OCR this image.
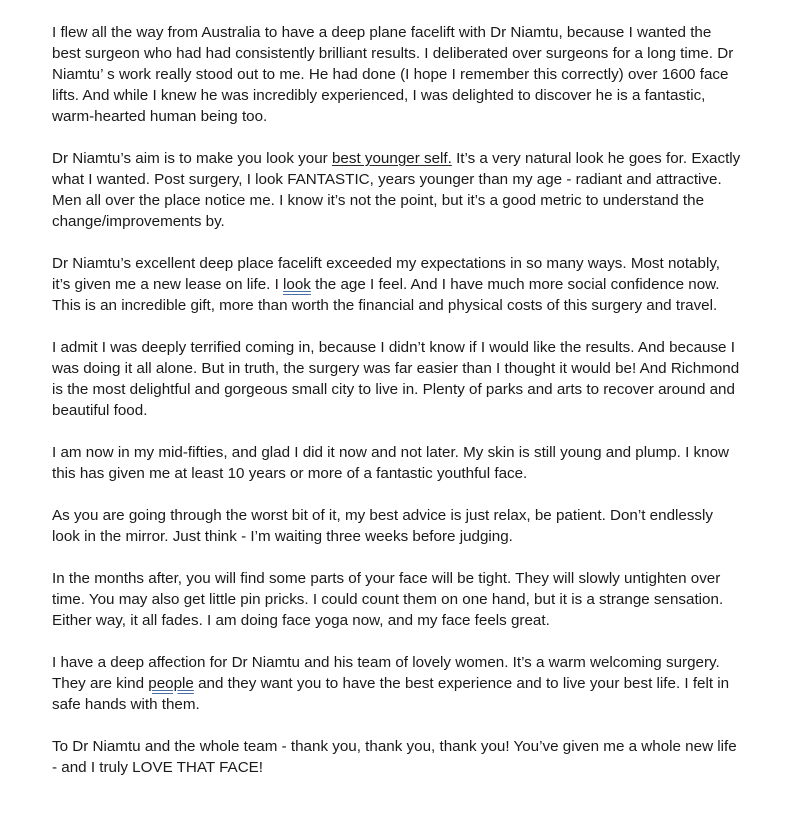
I flew all the way from Australia to have a deep plane facelift with Dr Niamtu, because I wanted the best surgeon who had had consistently brilliant results. I deliberated over surgeons for a long time. Dr Niamtu’ s work really stood out to me. He had done (I hope I remember this correctly) over 1600 face lifts. And while I knew he was incredibly experienced, I was delighted to discover he is a fantastic, warm-hearted human being too.

Dr Niamtu’s aim is to make you look your best younger self. It’s a very natural look he goes for. Exactly what I wanted. Post surgery, I look FANTASTIC, years younger than my age - radiant and attractive. Men all over the place notice me. I know it’s not the point, but it’s a good metric to understand the change/improvements by.

Dr Niamtu’s excellent deep place facelift exceeded my expectations in so many ways. Most notably, it’s given me a new lease on life. I look the age I feel. And I have much more social confidence now. This is an incredible gift, more than worth the financial and physical costs of this surgery and travel.

I admit I was deeply terrified coming in, because I didn’t know if I would like the results. And because I was doing it all alone. But in truth, the surgery was far easier than I thought it would be! And Richmond is the most delightful and gorgeous small city to live in. Plenty of parks and arts to recover around and beautiful food.

I am now in my mid-fifties, and glad I did it now and not later. My skin is still young and plump. I know this has given me at least 10 years or more of a fantastic youthful face.

As you are going through the worst bit of it, my best advice is just relax, be patient. Don’t endlessly look in the mirror. Just think - I’m waiting three weeks before judging.

In the months after, you will find some parts of your face will be tight. They will slowly untighten over time. You may also get little pin pricks. I could count them on one hand, but it is a strange sensation. Either way, it all fades. I am doing face yoga now, and my face feels great.

I have a deep affection for Dr Niamtu and his team of lovely women. It’s a warm welcoming surgery. They are kind people and they want you to have the best experience and to live your best life. I felt in safe hands with them.

To Dr Niamtu and the whole team - thank you, thank you, thank you! You’ve given me a whole new life - and I truly LOVE THAT FACE!
